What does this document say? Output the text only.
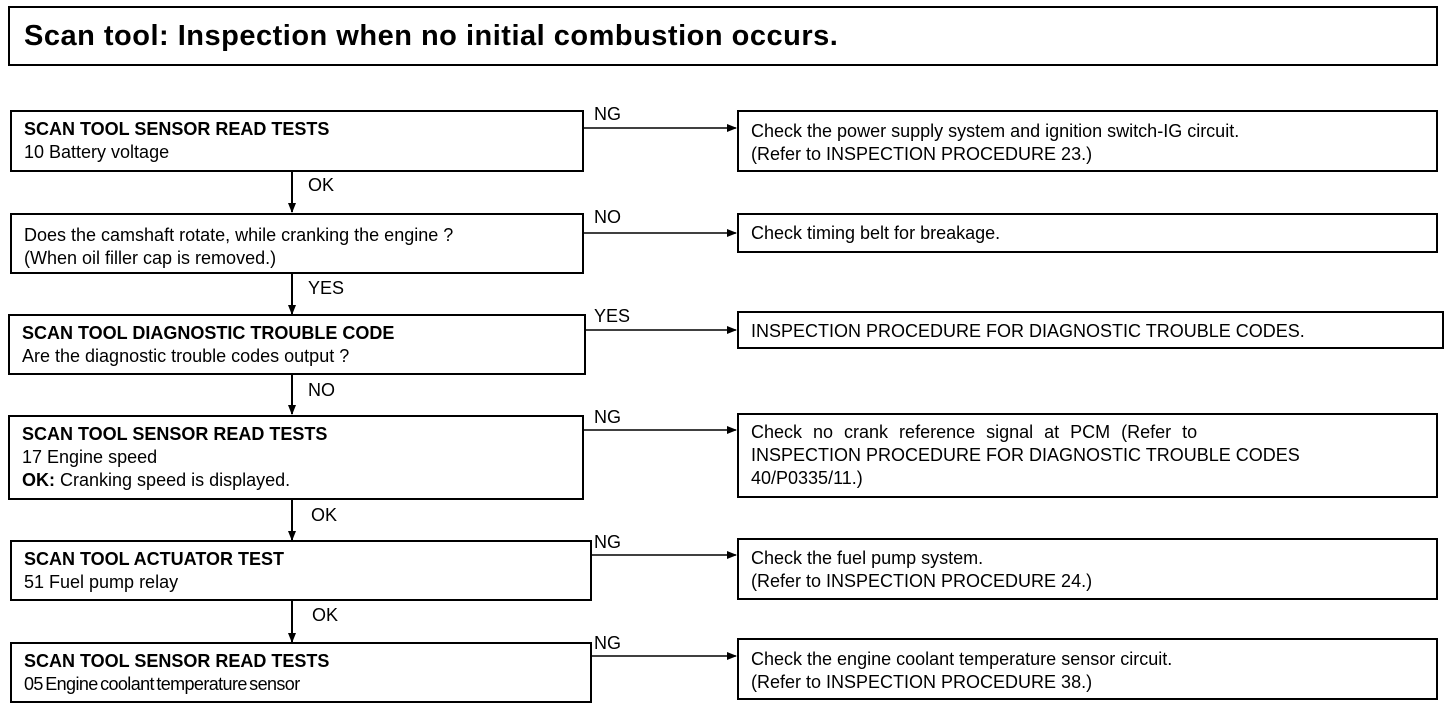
Scan tool: Inspection when no initial combustion occurs.
SCAN TOOL SENSOR READ TESTS
10 Battery voltage
NG
OK
Check the power supply system and ignition switch-IG circuit.
(Refer to INSPECTION PROCEDURE 23.)
Does the camshaft rotate, while cranking the engine ?
(When oil filler cap is removed.)
NO
YES
Check timing belt for breakage.
SCAN TOOL DIAGNOSTIC TROUBLE CODE
Are the diagnostic trouble codes output ?
YES
NO
INSPECTION PROCEDURE FOR DIAGNOSTIC TROUBLE CODES.
SCAN TOOL SENSOR READ TESTS
17 Engine speed
OK: Cranking speed is displayed.
NG
OK
Check no crank reference signal at PCM (Refer to
INSPECTION PROCEDURE FOR DIAGNOSTIC TROUBLE CODES
40/P0335/11.)
SCAN TOOL ACTUATOR TEST
51 Fuel pump relay
NG
OK
Check the fuel pump system.
(Refer to INSPECTION PROCEDURE 24.)
SCAN TOOL SENSOR READ TESTS
05 Engine coolant temperature sensor
NG
Check the engine coolant temperature sensor circuit.
(Refer to INSPECTION PROCEDURE 38.)
